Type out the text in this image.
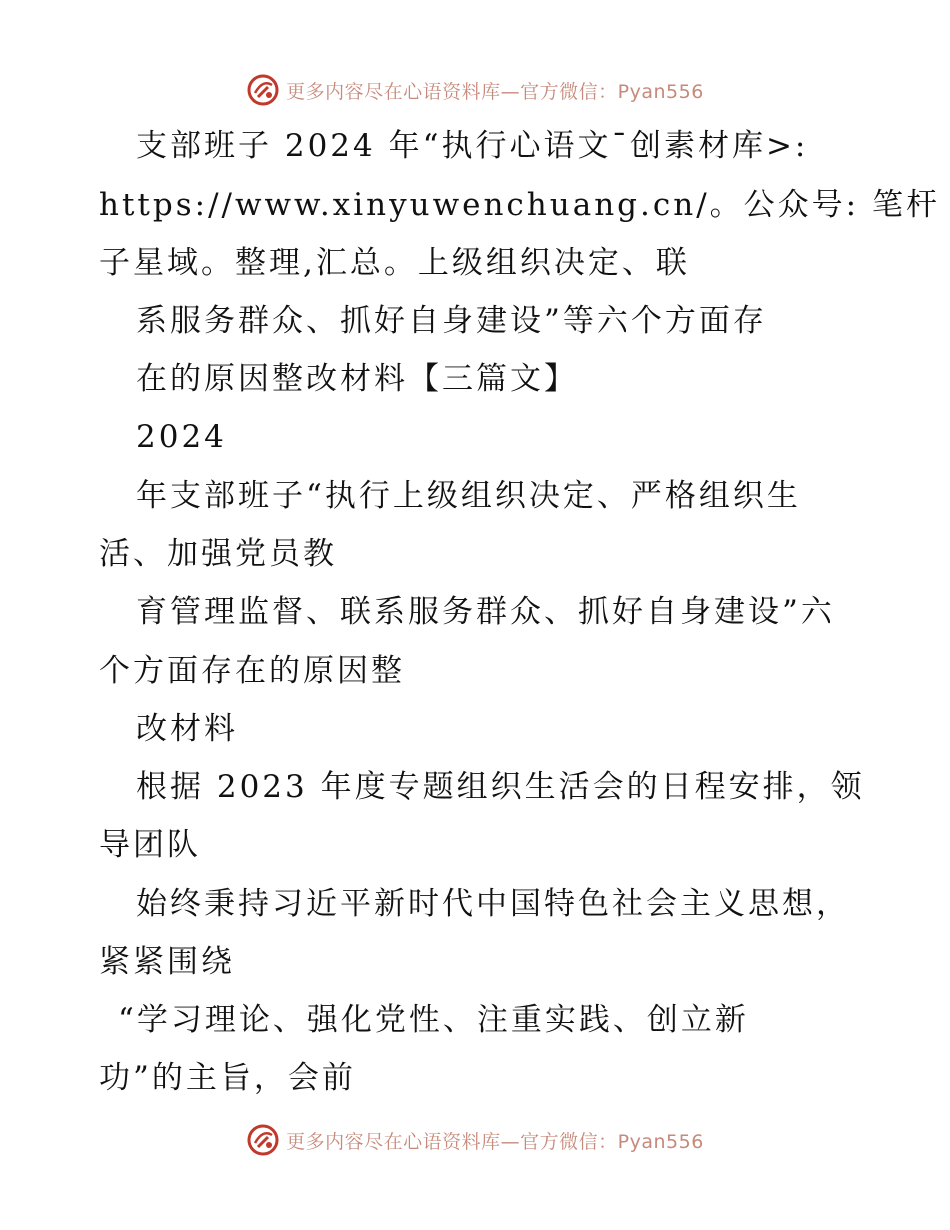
更多内容尽在心语资料库—官方微信：Pyan556
支部班子 2024 年“执行心语文¯创素材库>:
https://www.xinyuwenchuang.cn/。公众号: 笔杆
子星域。整理,汇总。上级组织决定、联
系服务群众、抓好自身建设”等六个方面存
在的原因整改材料【三篇文】
2024
年支部班子“执行上级组织决定、严格组织生
活、加强党员教
育管理监督、联系服务群众、抓好自身建设”六
个方面存在的原因整
改材料
根据 2023 年度专题组织生活会的日程安排，领
导团队
始终秉持习近平新时代中国特色社会主义思想，
紧紧围绕
“学习理论、强化党性、注重实践、创立新
功”的主旨，会前
更多内容尽在心语资料库—官方微信：Pyan556
